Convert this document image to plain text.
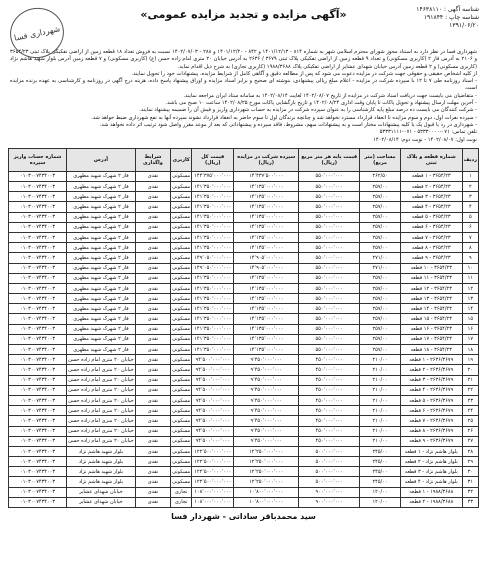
شناسه آگهی : ۱۴۶۳۸۱۱۰
شناسه چاپ : ۱۹۱۸۴۴
۱۳۹۱/۰۶/۲۰
شهرداری فسا
«آگهی مزایده و تجدید مزایده عمومی»
شهرداری فسا در نظر دارد به استناد مجوز شورای محترم اسلامی شهر به شماره ۸۱۴ - ۱۴۰۱/۱۲/۱۳ و ۸۴۲ - ۱۴۰۱/۱۲/۲۰ و ۲۸۸ - ۱۴۰۲/۰۷/۰۳ نسبت به فروش تعداد ۱۸ قطعه زمین از اراضی تفکیکی پلاک ثبتی ۳۶۵۴/۲۳ و ۲۱۰۶ به آدرس فاز ۲ (کاربری مسکونی) و تعداد ۹ قطعه زمین از اراضی تفکیکی پلاک ثبتی ۳۶۷۹ / ۲۶۳۶ به آدرس خیابان ۲۰ متری امام زاده حسن (ع) (کاربری مسکونی) و ۷ قطعه زمین آدرس بلوار شهید هاشم نژاد (کاربری مسکونی) و ۲ قطعه زمین آدرس خیابان شهدای عشایر از اراضی تفکیکی پلاک ۱۹۸۸/۳۶۸۸ (کاربری تجاری) به شرح ذیل اقدام نماید.
از کلیه اشخاص حقیقی و حقوقی جهت شرکت در مزایده دعوت می شود که پس از مطالعه دقیق و آگاهی کامل از شرایط مزایده، پیشنهادات خود را تحویل نمایند.
- اسناد روزنامه طی ۷ تا ۱۲ با سپرده شرکت در مزایده - اعلام مبلغ ریالی پیشنهادی، بنوشته ای صحیح و برابر اسناد مزایده و اوراق پیشنهاد پاسخ داده، هزینه درج آگهی در روزنامه و کارشناسی به عهده برنده مزایده است.
- متقاضیان می بایست جهت دریافت اسناد شرکت در مزایده از تاریخ ۱۴۰۲/۰۸/۰۷ لغایت ۱۴۰۲/۰۸/۱۴ به سامانه ستاد ایران مراجعه نمایند.
- آخرین مهلت ارسال پیشنهاد و تحویل پاکات تا پایان وقت اداری ۱۴۰۲/۰۸/۲۴ و تاریخ بازگشایی پاکات مورخ ۱۴۰۲/۰۸/۲۵ ساعت ۱۰ صبح می باشد.
- شرکت کنندگان می بایست ده درصد مبلغ پایه کارشناسی را به عنوان سپرده شرکت در مزایده به حساب شهرداری واریز و فیش آن را ضمیمه پیشنهاد نمایند.
- سپرده نفرات اول، دوم و سوم مزایده تا انعقاد قرارداد مسترد نخواهد شد و چنانچه برندگان اول تا سوم حاضر به انعقاد قرارداد نشوند سپرده آنها به نفع شهرداری ضبط خواهد شد.
- شهرداری در رد یا قبول یک یا کلیه پیشنهادات مختار است و به پیشنهادات مبهم، مشروط، فاقد سپرده و پیشنهاداتی که بعد از موعد مقرر واصل شود ترتیب اثر داده نخواهد شد.
تلفن تماس: ۰۷۱-۵۳۳۳۰۰۰۰ - ۰۷۱-۵۳۳۳۱۱۱۱
نوبت اول: ۱۴۰۲/۰۸/۰۷ - نوبت دوم: ۱۴۰۲/۰۸/۱۴
ردیف	شماره قطعه و پلاک ثبتی	مساحت (متر مربع)	قیمت پایه هر متر مربع (ریال)	سپرده شرکت در مزایده (ریال)	قیمت کل (ریال)	کاربری	شرایط واگذاری	آدرس	شماره حساب واریز سپرده
۱	۳۶۵۴/۲۳ - ۱ قطعه	۲۶۲/۵۰	۵۵۰٬۰۰۰٬۰۰۰	۱۴٬۴۳۷٬۵۰۰٬۰۰۰	۱۴۴٬۳۷۵٬۰۰۰٬۰۰۰	مسکونی	نقدی	فاز ۲ شهرک شهید مطهری	۰۱۰۳۰۰۷۴۳۴۰۰۳
۲	۳۶۵۴/۲۳ - ۲ قطعه	۲۵۷/۰۰	۵۵۰٬۰۰۰٬۰۰۰	۱۴٬۱۳۵٬۰۰۰٬۰۰۰	۱۴۱٬۳۵۰٬۰۰۰٬۰۰۰	مسکونی	نقدی	فاز ۲ شهرک شهید مطهری	۰۱۰۳۰۰۷۴۳۴۰۰۳
۳	۳۶۵۴/۲۳ - ۳ قطعه	۲۵۷/۰۰	۵۵۰٬۰۰۰٬۰۰۰	۱۴٬۱۳۵٬۰۰۰٬۰۰۰	۱۴۱٬۳۵۰٬۰۰۰٬۰۰۰	مسکونی	نقدی	فاز ۲ شهرک شهید مطهری	۰۱۰۳۰۰۷۴۳۴۰۰۳
۴	۳۶۵۴/۲۳ - ۴ قطعه	۲۵۷/۰۰	۵۵۰٬۰۰۰٬۰۰۰	۱۴٬۱۳۵٬۰۰۰٬۰۰۰	۱۴۱٬۳۵۰٬۰۰۰٬۰۰۰	مسکونی	نقدی	فاز ۲ شهرک شهید مطهری	۰۱۰۳۰۰۷۴۳۴۰۰۳
۵	۳۶۵۴/۲۳ - ۵ قطعه	۲۵۷/۰۰	۵۵۰٬۰۰۰٬۰۰۰	۱۴٬۱۳۵٬۰۰۰٬۰۰۰	۱۴۱٬۳۵۰٬۰۰۰٬۰۰۰	مسکونی	نقدی	فاز ۲ شهرک شهید مطهری	۰۱۰۳۰۰۷۴۳۴۰۰۳
۶	۳۶۵۴/۲۳ - ۶ قطعه	۲۵۷/۰۰	۵۵۰٬۰۰۰٬۰۰۰	۱۴٬۱۳۵٬۰۰۰٬۰۰۰	۱۴۱٬۳۵۰٬۰۰۰٬۰۰۰	مسکونی	نقدی	فاز ۲ شهرک شهید مطهری	۰۱۰۳۰۰۷۴۳۴۰۰۳
۷	۳۶۵۴/۲۳ - ۷ قطعه	۲۵۷/۰۰	۵۵۰٬۰۰۰٬۰۰۰	۱۴٬۱۳۵٬۰۰۰٬۰۰۰	۱۴۱٬۳۵۰٬۰۰۰٬۰۰۰	مسکونی	نقدی	فاز ۲ شهرک شهید مطهری	۰۱۰۳۰۰۷۴۳۴۰۰۳
۸	۳۶۵۴/۲۳ - ۸ قطعه	۲۵۷/۰۰	۵۵۰٬۰۰۰٬۰۰۰	۱۴٬۱۳۵٬۰۰۰٬۰۰۰	۱۴۱٬۳۵۰٬۰۰۰٬۰۰۰	مسکونی	نقدی	فاز ۲ شهرک شهید مطهری	۰۱۰۳۰۰۷۴۳۴۰۰۳
۹	۳۶۵۴/۲۳ - ۹ قطعه	۲۷۱/۰۰	۵۵۰٬۰۰۰٬۰۰۰	۱۴٬۹۰۵٬۰۰۰٬۰۰۰	۱۴۹٬۰۵۰٬۰۰۰٬۰۰۰	مسکونی	نقدی	فاز ۲ شهرک شهید مطهری	۰۱۰۳۰۰۷۴۳۴۰۰۳
۱۰	۳۶۵۴/۲۳ - ۱۰ قطعه	۲۷۱/۰۰	۵۵۰٬۰۰۰٬۰۰۰	۱۴٬۹۰۵٬۰۰۰٬۰۰۰	۱۴۹٬۰۵۰٬۰۰۰٬۰۰۰	مسکونی	نقدی	فاز ۲ شهرک شهید مطهری	۰۱۰۳۰۰۷۴۳۴۰۰۳
۱۱	۳۶۵۴/۲۳ - ۱۱ قطعه	۲۵۷/۰۰	۵۵۰٬۰۰۰٬۰۰۰	۱۴٬۱۳۵٬۰۰۰٬۰۰۰	۱۴۱٬۳۵۰٬۰۰۰٬۰۰۰	مسکونی	نقدی	فاز ۲ شهرک شهید مطهری	۰۱۰۳۰۰۷۴۳۴۰۰۳
۱۲	۳۶۵۴/۲۳ - ۱۲ قطعه	۲۵۷/۰۰	۵۵۰٬۰۰۰٬۰۰۰	۱۴٬۱۳۵٬۰۰۰٬۰۰۰	۱۴۱٬۳۵۰٬۰۰۰٬۰۰۰	مسکونی	نقدی	فاز ۲ شهرک شهید مطهری	۰۱۰۳۰۰۷۴۳۴۰۰۳
۱۳	۳۶۵۴/۲۳ - ۱۳ قطعه	۲۵۷/۰۰	۵۵۰٬۰۰۰٬۰۰۰	۱۴٬۱۳۵٬۰۰۰٬۰۰۰	۱۴۱٬۳۵۰٬۰۰۰٬۰۰۰	مسکونی	نقدی	فاز ۲ شهرک شهید مطهری	۰۱۰۳۰۰۷۴۳۴۰۰۳
۱۴	۳۶۵۴/۲۳ - ۱۴ قطعه	۲۵۷/۰۰	۵۵۰٬۰۰۰٬۰۰۰	۱۴٬۱۳۵٬۰۰۰٬۰۰۰	۱۴۱٬۳۵۰٬۰۰۰٬۰۰۰	مسکونی	نقدی	فاز ۲ شهرک شهید مطهری	۰۱۰۳۰۰۷۴۳۴۰۰۳
۱۵	۳۶۵۴/۲۳ - ۱۵ قطعه	۲۵۷/۰۰	۵۵۰٬۰۰۰٬۰۰۰	۱۴٬۱۳۵٬۰۰۰٬۰۰۰	۱۴۱٬۳۵۰٬۰۰۰٬۰۰۰	مسکونی	نقدی	فاز ۲ شهرک شهید مطهری	۰۱۰۳۰۰۷۴۳۴۰۰۳
۱۶	۳۶۵۴/۲۳ - ۱۶ قطعه	۲۵۷/۰۰	۵۵۰٬۰۰۰٬۰۰۰	۱۴٬۱۳۵٬۰۰۰٬۰۰۰	۱۴۱٬۳۵۰٬۰۰۰٬۰۰۰	مسکونی	نقدی	فاز ۲ شهرک شهید مطهری	۰۱۰۳۰۰۷۴۳۴۰۰۳
۱۷	۳۶۵۴/۲۳ - ۱۷ قطعه	۲۵۷/۰۰	۵۵۰٬۰۰۰٬۰۰۰	۱۴٬۱۳۵٬۰۰۰٬۰۰۰	۱۴۱٬۳۵۰٬۰۰۰٬۰۰۰	مسکونی	نقدی	فاز ۲ شهرک شهید مطهری	۰۱۰۳۰۰۷۴۳۴۰۰۳
۱۸	۳۶۵۴/۲۳ - ۱۸ قطعه	۲۵۷/۰۰	۵۵۰٬۰۰۰٬۰۰۰	۱۴٬۱۳۵٬۰۰۰٬۰۰۰	۱۴۱٬۳۵۰٬۰۰۰٬۰۰۰	مسکونی	نقدی	فاز ۲ شهرک شهید مطهری	۰۱۰۳۰۰۷۴۳۴۰۰۳
۱۹	۲۶۳۶/۳۶۷۹ - ۱ قطعه	۲۱۰/۰۰	۴۵۰٬۰۰۰٬۰۰۰	۹٬۴۵۰٬۰۰۰٬۰۰۰	۹۴٬۵۰۰٬۰۰۰٬۰۰۰	مسکونی	نقدی	خیابان ۲۰ متری امام زاده حسن	۰۱۰۳۰۰۷۴۳۴۰۰۳
۲۰	۲۶۳۶/۳۶۷۹ - ۲ قطعه	۲۱۰/۰۰	۴۵۰٬۰۰۰٬۰۰۰	۹٬۴۵۰٬۰۰۰٬۰۰۰	۹۴٬۵۰۰٬۰۰۰٬۰۰۰	مسکونی	نقدی	خیابان ۲۰ متری امام زاده حسن	۰۱۰۳۰۰۷۴۳۴۰۰۳
۲۱	۲۶۳۶/۳۶۷۹ - ۳ قطعه	۲۱۰/۰۰	۴۵۰٬۰۰۰٬۰۰۰	۹٬۴۵۰٬۰۰۰٬۰۰۰	۹۴٬۵۰۰٬۰۰۰٬۰۰۰	مسکونی	نقدی	خیابان ۲۰ متری امام زاده حسن	۰۱۰۳۰۰۷۴۳۴۰۰۳
۲۲	۲۶۳۶/۳۶۷۹ - ۴ قطعه	۲۱۰/۰۰	۴۵۰٬۰۰۰٬۰۰۰	۹٬۴۵۰٬۰۰۰٬۰۰۰	۹۴٬۵۰۰٬۰۰۰٬۰۰۰	مسکونی	نقدی	خیابان ۲۰ متری امام زاده حسن	۰۱۰۳۰۰۷۴۳۴۰۰۳
۲۳	۲۶۳۶/۳۶۷۹ - ۵ قطعه	۲۱۰/۰۰	۴۵۰٬۰۰۰٬۰۰۰	۹٬۴۵۰٬۰۰۰٬۰۰۰	۹۴٬۵۰۰٬۰۰۰٬۰۰۰	مسکونی	نقدی	خیابان ۲۰ متری امام زاده حسن	۰۱۰۳۰۰۷۴۳۴۰۰۳
۲۴	۲۶۳۶/۳۶۷۹ - ۶ قطعه	۲۱۰/۰۰	۴۵۰٬۰۰۰٬۰۰۰	۹٬۴۵۰٬۰۰۰٬۰۰۰	۹۴٬۵۰۰٬۰۰۰٬۰۰۰	مسکونی	نقدی	خیابان ۲۰ متری امام زاده حسن	۰۱۰۳۰۰۷۴۳۴۰۰۳
۲۵	۲۶۳۶/۳۶۷۹ - ۷ قطعه	۲۱۰/۰۰	۴۵۰٬۰۰۰٬۰۰۰	۹٬۴۵۰٬۰۰۰٬۰۰۰	۹۴٬۵۰۰٬۰۰۰٬۰۰۰	مسکونی	نقدی	خیابان ۲۰ متری امام زاده حسن	۰۱۰۳۰۰۷۴۳۴۰۰۳
۲۶	۲۶۳۶/۳۶۷۹ - ۸ قطعه	۲۱۰/۰۰	۴۵۰٬۰۰۰٬۰۰۰	۹٬۴۵۰٬۰۰۰٬۰۰۰	۹۴٬۵۰۰٬۰۰۰٬۰۰۰	مسکونی	نقدی	خیابان ۲۰ متری امام زاده حسن	۰۱۰۳۰۰۷۴۳۴۰۰۳
۲۷	۲۶۳۶/۳۶۷۹ - ۹ قطعه	۲۱۰/۰۰	۴۵۰٬۰۰۰٬۰۰۰	۹٬۴۵۰٬۰۰۰٬۰۰۰	۹۴٬۵۰۰٬۰۰۰٬۰۰۰	مسکونی	نقدی	خیابان ۲۰ متری امام زاده حسن	۰۱۰۳۰۰۷۴۳۴۰۰۳
۲۸	بلوار هاشم نژاد - ۱ قطعه	۲۴۵/۰۰	۵۰۰٬۰۰۰٬۰۰۰	۱۲٬۲۵۰٬۰۰۰٬۰۰۰	۱۲۲٬۵۰۰٬۰۰۰٬۰۰۰	مسکونی	نقدی	بلوار شهید هاشم نژاد	۰۱۰۳۰۰۷۴۳۴۰۰۳
۲۹	بلوار هاشم نژاد - ۲ قطعه	۲۴۵/۰۰	۵۰۰٬۰۰۰٬۰۰۰	۱۲٬۲۵۰٬۰۰۰٬۰۰۰	۱۲۲٬۵۰۰٬۰۰۰٬۰۰۰	مسکونی	نقدی	بلوار شهید هاشم نژاد	۰۱۰۳۰۰۷۴۳۴۰۰۳
۳۰	بلوار هاشم نژاد - ۳ قطعه	۲۴۵/۰۰	۵۰۰٬۰۰۰٬۰۰۰	۱۲٬۲۵۰٬۰۰۰٬۰۰۰	۱۲۲٬۵۰۰٬۰۰۰٬۰۰۰	مسکونی	نقدی	بلوار شهید هاشم نژاد	۰۱۰۳۰۰۷۴۳۴۰۰۳
۳۱	بلوار هاشم نژاد - ۴ قطعه	۲۴۵/۰۰	۵۰۰٬۰۰۰٬۰۰۰	۱۲٬۲۵۰٬۰۰۰٬۰۰۰	۱۲۲٬۵۰۰٬۰۰۰٬۰۰۰	مسکونی	نقدی	بلوار شهید هاشم نژاد	۰۱۰۳۰۰۷۴۳۴۰۰۳
۳۲	۱۹۸۸/۳۶۸۸ - ۱ قطعه	۱۲۰/۰۰	۹۰۰٬۰۰۰٬۰۰۰	۱۰٬۸۰۰٬۰۰۰٬۰۰۰	۱۰۸٬۰۰۰٬۰۰۰٬۰۰۰	تجاری	نقدی	خیابان شهدای عشایر	۰۱۰۳۰۰۷۴۳۴۰۰۳
۳۳	۱۹۸۸/۳۶۸۸ - ۲ قطعه	۱۲۰/۰۰	۹۰۰٬۰۰۰٬۰۰۰	۱۰٬۸۰۰٬۰۰۰٬۰۰۰	۱۰۸٬۰۰۰٬۰۰۰٬۰۰۰	تجاری	نقدی	خیابان شهدای عشایر	۰۱۰۳۰۰۷۴۳۴۰۰۳
سید محمدباقر ساداتی - شهردار فسا
